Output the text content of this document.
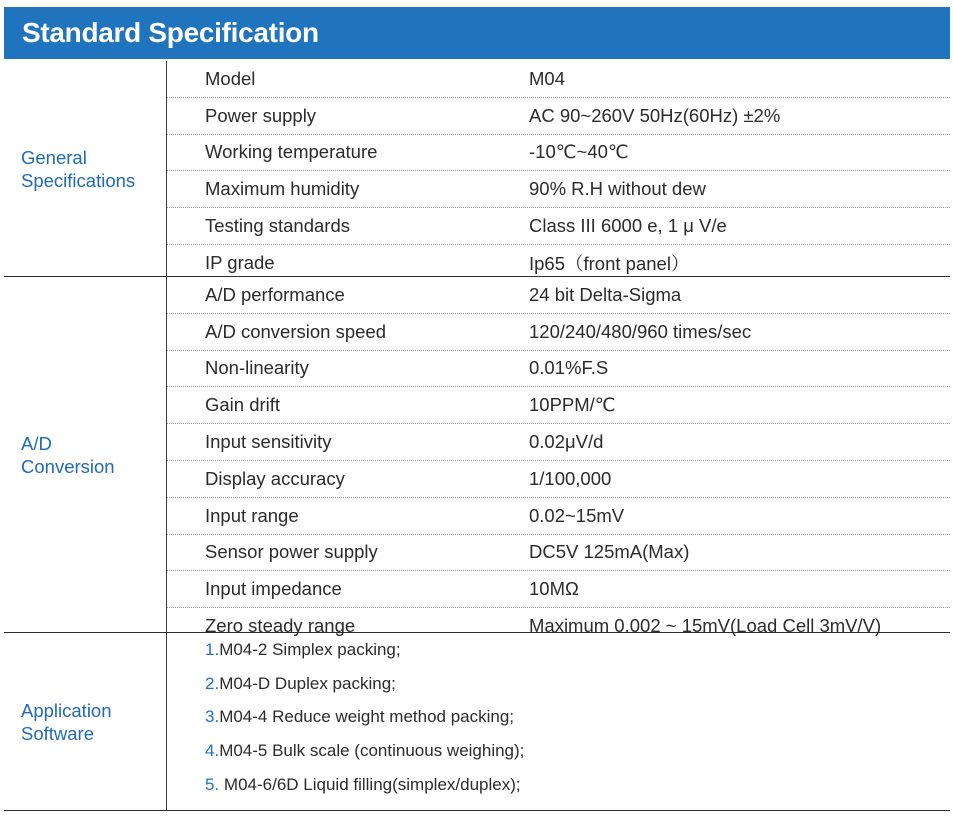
Standard Specification
General
Specifications
Model	M04
Power supply	AC 90~260V 50Hz(60Hz) ±2%
Working temperature	-10℃~40℃
Maximum humidity	90% R.H without dew
Testing standards	Class III 6000 e, 1 μ V/e
IP grade	Ip65（front panel）
A/D
Conversion
A/D performance	24 bit Delta-Sigma
A/D conversion speed	120/240/480/960 times/sec
Non-linearity	0.01%F.S
Gain drift	10PPM/℃
Input sensitivity	0.02μV/d
Display accuracy	1/100,000
Input range	0.02~15mV
Sensor power supply	DC5V 125mA(Max)
Input impedance	10MΩ
Zero steady range	Maximum 0.002 ~ 15mV(Load Cell 3mV/V)
Application
Software
1. M04-2 Simplex packing;
2. M04-D Duplex packing;
3. M04-4 Reduce weight method packing;
4. M04-5 Bulk scale (continuous weighing);
5. M04-6/6D Liquid filling(simplex/duplex);
